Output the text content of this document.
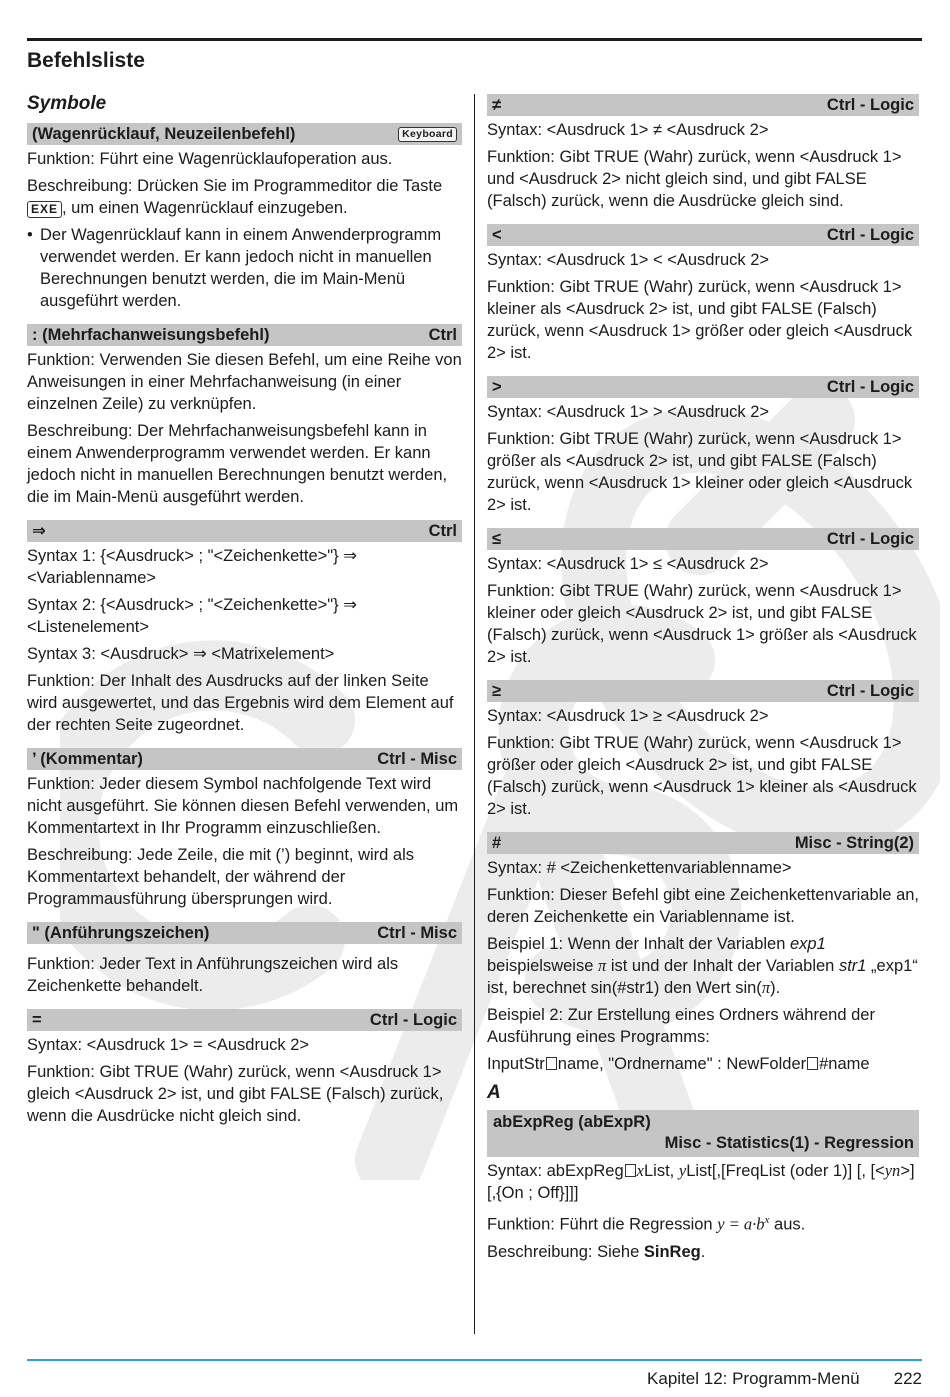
Befehlsliste
Symbole
(Wagenrücklauf, Neuzeilenbefehl)	Keyboard

Funktion: Führt eine Wagenrücklaufoperation aus.

Beschreibung: Drücken Sie im Programmeditor die Taste EXE , um einen Wagenrücklauf einzugeben.

• Der Wagenrücklauf kann in einem Anwenderprogramm verwendet werden. Er kann jedoch nicht in manuellen Berechnungen benutzt werden, die im Main-Menü ausgeführt werden.

: (Mehrfachanweisungsbefehl)	Ctrl

Funktion: Verwenden Sie diesen Befehl, um eine Reihe von Anweisungen in einer Mehrfachanweisung (in einer einzelnen Zeile) zu verknüpfen.

Beschreibung: Der Mehrfachanweisungsbefehl kann in einem Anwenderprogramm verwendet werden. Er kann jedoch nicht in manuellen Berechnungen benutzt werden, die im Main-Menü ausgeführt werden.

⇒	Ctrl

Syntax 1: {<Ausdruck> ; "<Zeichenkette>"} ⇒ <Variablenname>

Syntax 2: {<Ausdruck> ; "<Zeichenkette>"} ⇒ <Listenelement>

Syntax 3: <Ausdruck> ⇒ <Matrixelement>

Funktion: Der Inhalt des Ausdrucks auf der linken Seite wird ausgewertet, und das Ergebnis wird dem Element auf der rechten Seite zugeordnet.

’ (Kommentar)	Ctrl - Misc

Funktion: Jeder diesem Symbol nachfolgende Text wird nicht ausgeführt. Sie können diesen Befehl verwenden, um Kommentartext in Ihr Programm einzuschließen.

Beschreibung: Jede Zeile, die mit (’) beginnt, wird als Kommentartext behandelt, der während der Programmausführung übersprungen wird.

" (Anführungszeichen)	Ctrl - Misc

Funktion: Jeder Text in Anführungszeichen wird als Zeichenkette behandelt.

=	Ctrl - Logic

Syntax: <Ausdruck 1> = <Ausdruck 2>

Funktion: Gibt TRUE (Wahr) zurück, wenn <Ausdruck 1> gleich <Ausdruck 2> ist, und gibt FALSE (Falsch) zurück, wenn die Ausdrücke nicht gleich sind.

≠	Ctrl - Logic

Syntax: <Ausdruck 1> ≠ <Ausdruck 2>

Funktion: Gibt TRUE (Wahr) zurück, wenn <Ausdruck 1> und <Ausdruck 2> nicht gleich sind, und gibt FALSE (Falsch) zurück, wenn die Ausdrücke gleich sind.

<	Ctrl - Logic

Syntax: <Ausdruck 1> < <Ausdruck 2>

Funktion: Gibt TRUE (Wahr) zurück, wenn <Ausdruck 1> kleiner als <Ausdruck 2> ist, und gibt FALSE (Falsch) zurück, wenn <Ausdruck 1> größer oder gleich <Ausdruck 2> ist.

>	Ctrl - Logic

Syntax: <Ausdruck 1> > <Ausdruck 2>

Funktion: Gibt TRUE (Wahr) zurück, wenn <Ausdruck 1> größer als <Ausdruck 2> ist, und gibt FALSE (Falsch) zurück, wenn <Ausdruck 1> kleiner oder gleich <Ausdruck 2> ist.

≤	Ctrl - Logic

Syntax: <Ausdruck 1> ≤ <Ausdruck 2>

Funktion: Gibt TRUE (Wahr) zurück, wenn <Ausdruck 1> kleiner oder gleich <Ausdruck 2> ist, und gibt FALSE (Falsch) zurück, wenn <Ausdruck 1> größer als <Ausdruck 2> ist.

≥	Ctrl - Logic

Syntax: <Ausdruck 1> ≥ <Ausdruck 2>

Funktion: Gibt TRUE (Wahr) zurück, wenn <Ausdruck 1> größer oder gleich <Ausdruck 2> ist, und gibt FALSE (Falsch) zurück, wenn <Ausdruck 1> kleiner als <Ausdruck 2> ist.

#	Misc - String(2)

Syntax: # <Zeichenkettenvariablenname>

Funktion: Dieser Befehl gibt eine Zeichenkettenvariable an, deren Zeichenkette ein Variablenname ist.

Beispiel 1: Wenn der Inhalt der Variablen exp1 beispielsweise π ist und der Inhalt der Variablen str1 „exp1“ ist, berechnet sin(#str1) den Wert sin(π).

Beispiel 2: Zur Erstellung eines Ordners während der Ausführung eines Programms:

InputStr name, "Ordnername" : NewFolder #name

A
abExpReg (abExpR)
Misc - Statistics(1) - Regression

Syntax: abExpReg xList, yList[,[FreqList (oder 1)] [, [<yn>] [,{On ; Off}]]]

Funktion: Führt die Regression $y = a\cdot b^x$ aus.

Beschreibung: Siehe SinReg.

Kapitel 12: Programm-Menü 222
